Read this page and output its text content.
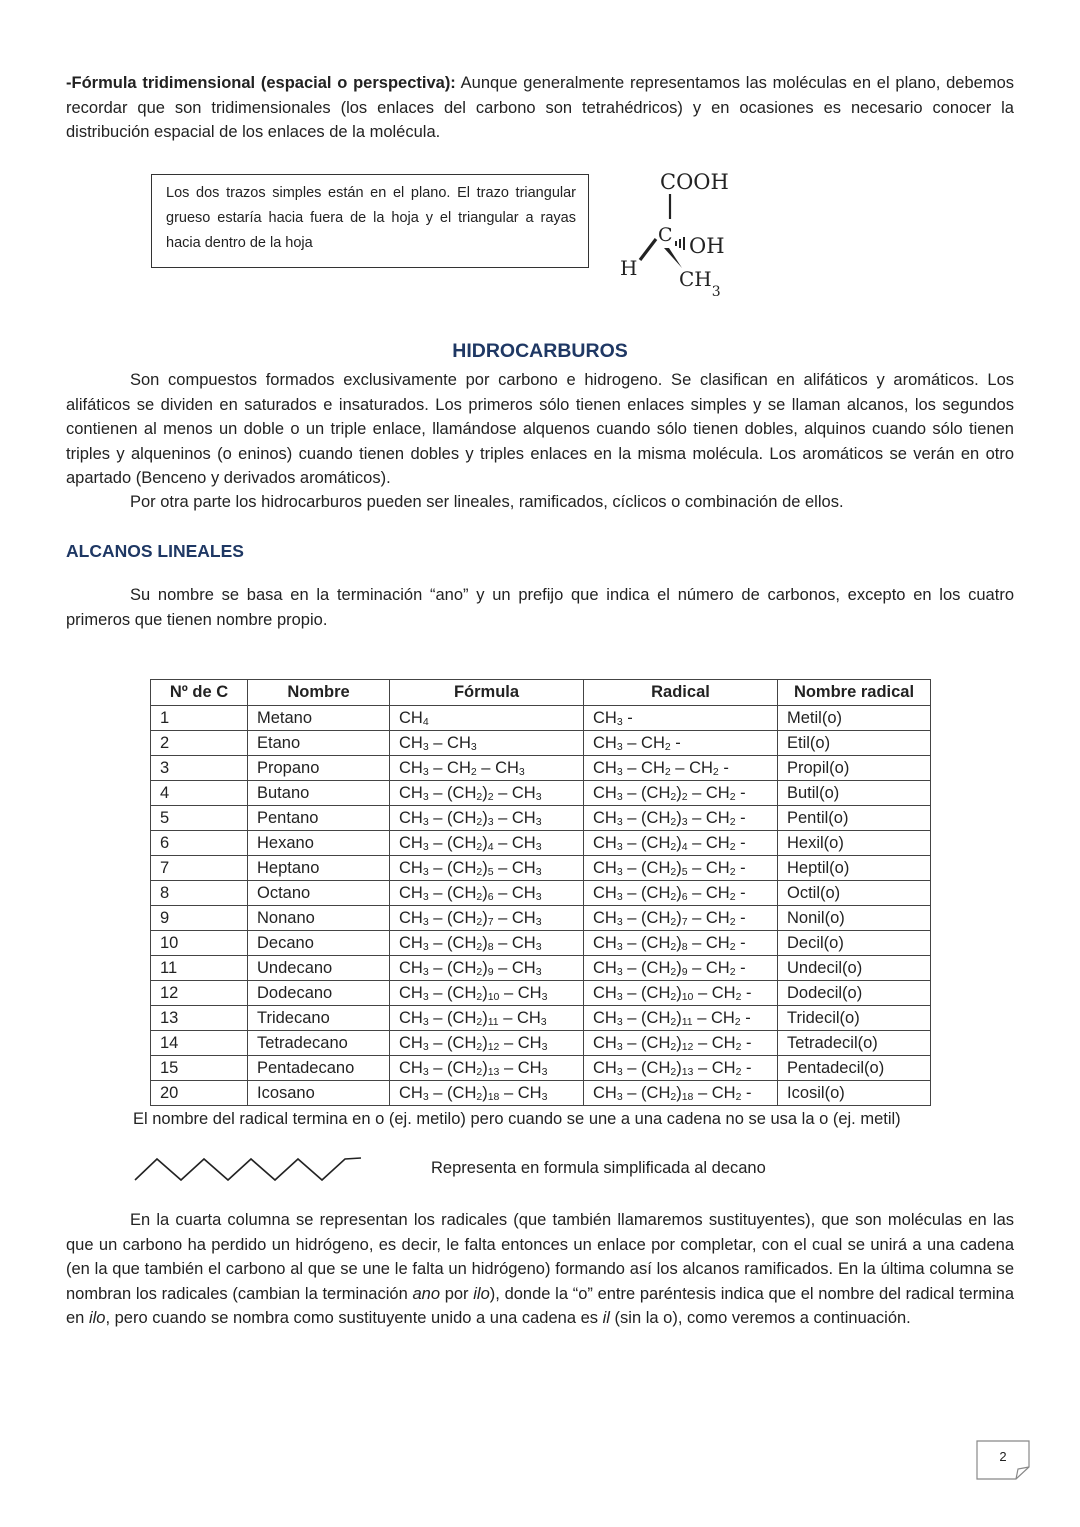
-Fórmula tridimensional (espacial o perspectiva): Aunque generalmente representamos las moléculas en el plano, debemos recordar que son tridimensionales (los enlaces del carbono son tetrahédricos) y en ocasiones es necesario conocer la distribución espacial de los enlaces de la molécula.

Los dos trazos simples están en el plano. El trazo triangular grueso estaría hacia fuera de la hoja y el triangular a rayas hacia dentro de la hoja
COOH
C OH
H $CH_3$
HIDROCARBUROS

Son compuestos formados exclusivamente por carbono e hidrogeno. Se clasifican en alifáticos y aromáticos. Los alifáticos se dividen en saturados e insaturados. Los primeros sólo tienen enlaces simples y se llaman alcanos, los segundos contienen al menos un doble o un triple enlace, llamándose alquenos cuando sólo tienen dobles, alquinos cuando sólo tienen triples y alqueninos (o eninos) cuando tienen dobles y triples enlaces en la misma molécula. Los aromáticos se verán en otro apartado (Benceno y derivados aromáticos).

Por otra parte los hidrocarburos pueden ser lineales, ramificados, cíclicos o combinación de ellos.

ALCANOS LINEALES

Su nombre se basa en la terminación “ano” y un prefijo que indica el número de carbonos, excepto en los cuatro primeros que tienen nombre propio.

Nº de C	Nombre	Fórmula	Radical	Nombre radical
1	Metano	$CH_4$	$CH_3$ -	Metil(o)
2	Etano	$CH_3 - CH_3$	$CH_3 - CH_2$ -	Etil(o)
3	Propano	$CH_3 - CH_2 - CH_3$	$CH_3 - CH_2 - CH_2$ -	Propil(o)
4	Butano	$CH_3 - (CH_2)_2 - CH_3$	$CH_3 - (CH_2)_2 - CH_2$ -	Butil(o)
5	Pentano	$CH_3 - (CH_2)_3 - CH_3$	$CH_3 - (CH_2)_3 - CH_2$ -	Pentil(o)
6	Hexano	$CH_3 - (CH_2)_4 - CH_3$	$CH_3 - (CH_2)_4 - CH_2$ -	Hexil(o)
7	Heptano	$CH_3 - (CH_2)_5 - CH_3$	$CH_3 - (CH_2)_5 - CH_2$ -	Heptil(o)
8	Octano	$CH_3 - (CH_2)_6 - CH_3$	$CH_3 - (CH_2)_6 - CH_2$ -	Octil(o)
9	Nonano	$CH_3 - (CH_2)_7 - CH_3$	$CH_3 - (CH_2)_7 - CH_2$ -	Nonil(o)
10	Decano	$CH_3 - (CH_2)_8 - CH_3$	$CH_3 - (CH_2)_8 - CH_2$ -	Decil(o)
11	Undecano	$CH_3 - (CH_2)_9 - CH_3$	$CH_3 - (CH_2)_9 - CH_2$ -	Undecil(o)
12	Dodecano	$CH_3 - (CH_2)_{10} - CH_3$	$CH_3 - (CH_2)_{10} - CH_2$ -	Dodecil(o)
13	Tridecano	$CH_3 - (CH_2)_{11} - CH_3$	$CH_3 - (CH_2)_{11} - CH_2$ -	Tridecil(o)
14	Tetradecano	$CH_3 - (CH_2)_{12} - CH_3$	$CH_3 - (CH_2)_{12} - CH_2$ -	Tetradecil(o)
15	Pentadecano	$CH_3 - (CH_2)_{13} - CH_3$	$CH_3 - (CH_2)_{13} - CH_2$ -	Pentadecil(o)
20	Icosano	$CH_3 - (CH_2)_{18} - CH_3$	$CH_3 - (CH_2)_{18} - CH_2$ -	Icosil(o)
El nombre del radical termina en o (ej. metilo) pero cuando se une a una cadena no se usa la o (ej. metil)
Representa en formula simplificada al decano

En la cuarta columna se representan los radicales (que también llamaremos sustituyentes), que son moléculas en las que un carbono ha perdido un hidrógeno, es decir, le falta entonces un enlace por completar, con el cual se unirá a una cadena (en la que también el carbono al que se une le falta un hidrógeno) formando así los alcanos ramificados. En la última columna se nombran los radicales (cambian la terminación ano por ilo), donde la “o” entre paréntesis indica que el nombre del radical termina en ilo, pero cuando se nombra como sustituyente unido a una cadena es il (sin la o), como veremos a continuación.

2
